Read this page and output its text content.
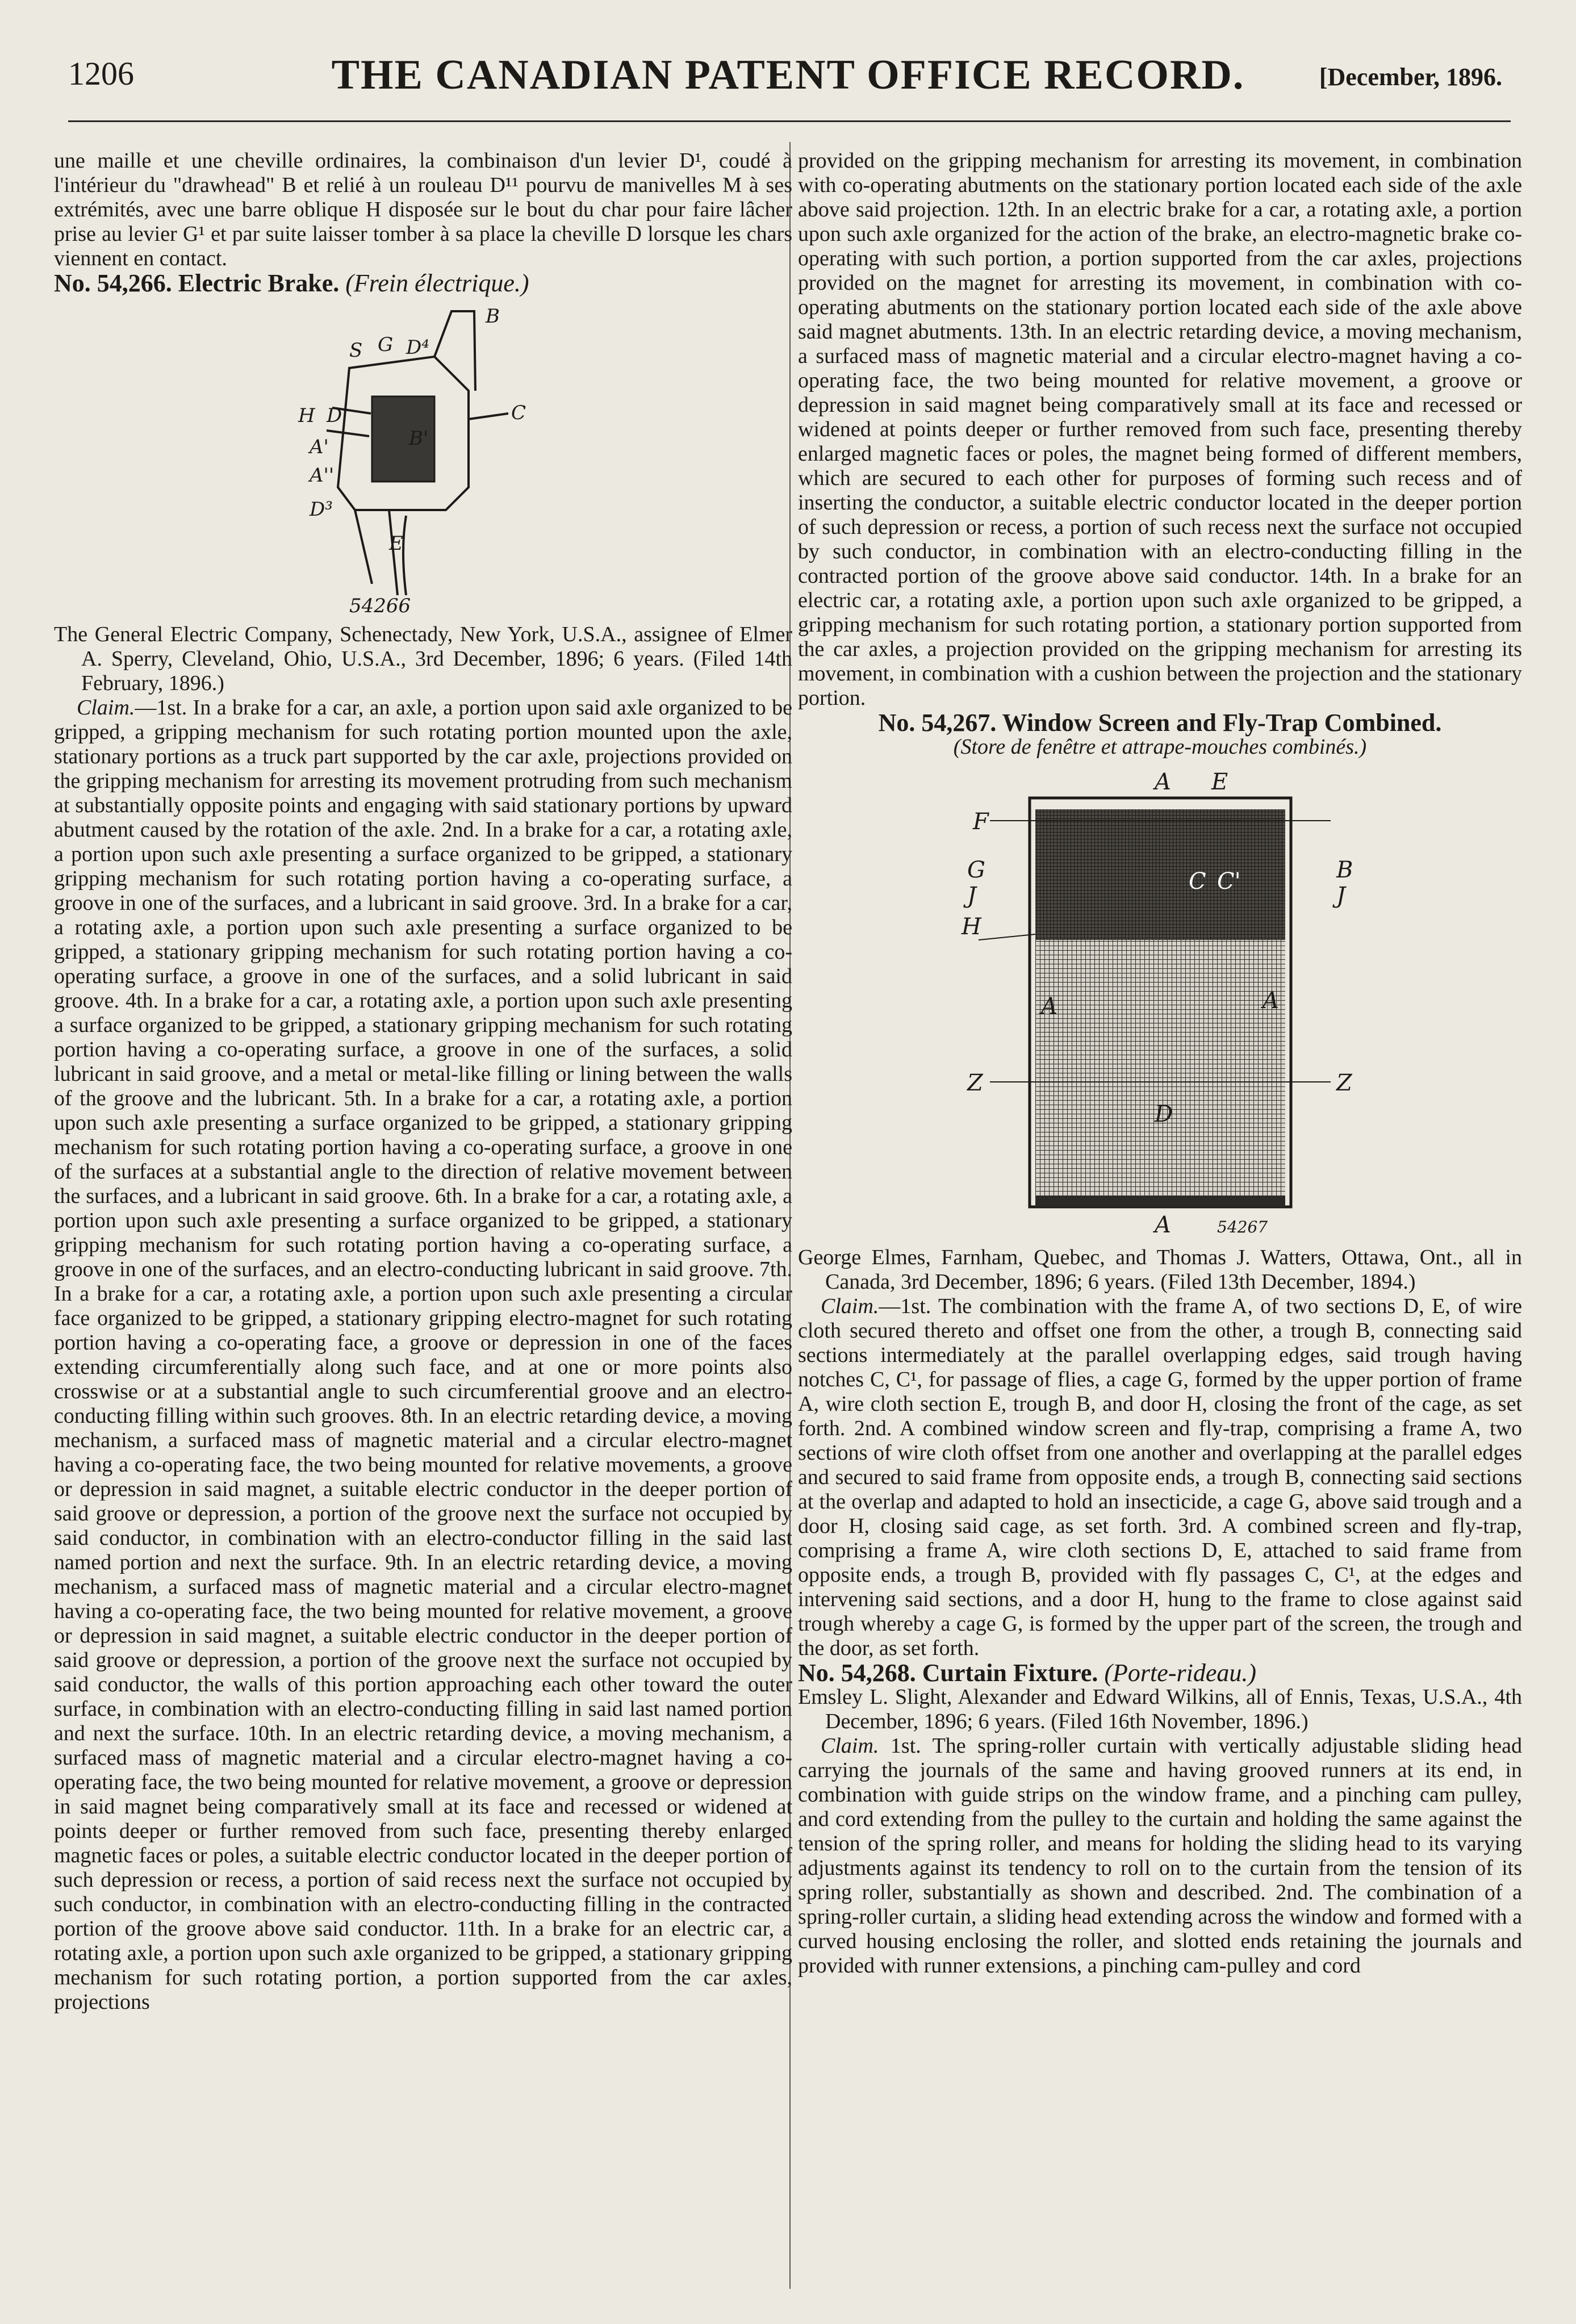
1206	THE CANADIAN PATENT OFFICE RECORD.	[December, 1896.

une maille et une cheville ordinaires, la combinaison d'un levier D¹, coudé à l'intérieur du "drawhead" B et relié à un rouleau D¹¹ pourvu de manivelles M à ses extrémités, avec une barre oblique H disposée sur le bout du char pour faire lâcher prise au levier G¹ et par suite laisser tomber à sa place la cheville D lorsque les chars viennent en contact.

No. 54,266. Electric Brake. (Frein électrique.)

B
S G D⁴
C
H D
A'	B'
A''
D³
E
54266

The General Electric Company, Schenectady, New York, U.S.A., assignee of Elmer A. Sperry, Cleveland, Ohio, U.S.A., 3rd December, 1896; 6 years. (Filed 14th February, 1896.)

Claim.—1st. In a brake for a car, an axle, a portion upon said axle organized to be gripped, a gripping mechanism for such rotating portion mounted upon the axle, stationary portions as a truck part supported by the car axle, projections provided on the gripping mechanism for arresting its movement protruding from such mechanism at substantially opposite points and engaging with said stationary portions by upward abutment caused by the rotation of the axle. 2nd. In a brake for a car, a rotating axle, a portion upon such axle presenting a surface organized to be gripped, a stationary gripping mechanism for such rotating portion having a co-operating surface, a groove in one of the surfaces, and a lubricant in said groove. 3rd. In a brake for a car, a rotating axle, a portion upon such axle presenting a surface organized to be gripped, a stationary gripping mechanism for such rotating portion having a co-operating surface, a groove in one of the surfaces, and a solid lubricant in said groove. 4th. In a brake for a car, a rotating axle, a portion upon such axle presenting a surface organized to be gripped, a stationary gripping mechanism for such rotating portion having a co-operating surface, a groove in one of the surfaces, a solid lubricant in said groove, and a metal or metal-like filling or lining between the walls of the groove and the lubricant. 5th. In a brake for a car, a rotating axle, a portion upon such axle presenting a surface organized to be gripped, a stationary gripping mechanism for such rotating portion having a co-operating surface, a groove in one of the surfaces at a substantial angle to the direction of relative movement between the surfaces, and a lubricant in said groove. 6th. In a brake for a car, a rotating axle, a portion upon such axle presenting a surface organized to be gripped, a stationary gripping mechanism for such rotating portion having a co-operating surface, a groove in one of the surfaces, and an electro-conducting lubricant in said groove. 7th. In a brake for a car, a rotating axle, a portion upon such axle presenting a circular face organized to be gripped, a stationary gripping electro-magnet for such rotating portion having a co-operating face, a groove or depression in one of the faces extending circumferentially along such face, and at one or more points also crosswise or at a substantial angle to such circumferential groove and an electro-conducting filling within such grooves. 8th. In an electric retarding device, a moving mechanism, a surfaced mass of magnetic material and a circular electro-magnet having a co-operating face, the two being mounted for relative movements, a groove or depression in said magnet, a suitable electric conductor in the deeper portion of said groove or depression, a portion of the groove next the surface not occupied by said conductor, in combination with an electro-conductor filling in the said last named portion and next the surface. 9th. In an electric retarding device, a moving mechanism, a surfaced mass of magnetic material and a circular electro-magnet having a co-operating face, the two being mounted for relative movement, a groove or depression in said magnet, a suitable electric conductor in the deeper portion of said groove or depression, a portion of the groove next the surface not occupied by said conductor, the walls of this portion approaching each other toward the outer surface, in combination with an electro-conducting filling in said last named portion and next the surface. 10th. In an electric retarding device, a moving mechanism, a surfaced mass of magnetic material and a circular electro-magnet having a co-operating face, the two being mounted for relative movement, a groove or depression in said magnet being comparatively small at its face and recessed or widened at points deeper or further removed from such face, presenting thereby enlarged magnetic faces or poles, a suitable electric conductor located in the deeper portion of such depression or recess, a portion of said recess next the surface not occupied by such conductor, in combination with an electro-conducting filling in the contracted portion of the groove above said conductor. 11th. In a brake for an electric car, a rotating axle, a portion upon such axle organized to be gripped, a stationary gripping mechanism for such rotating portion, a portion supported from the car axles, projections

provided on the gripping mechanism for arresting its movement, in combination with co-operating abutments on the stationary portion located each side of the axle above said projection. 12th. In an electric brake for a car, a rotating axle, a portion upon such axle organized for the action of the brake, an electro-magnetic brake co-operating with such portion, a portion supported from the car axles, projections provided on the magnet for arresting its movement, in combination with co-operating abutments on the stationary portion located each side of the axle above said magnet abutments. 13th. In an electric retarding device, a moving mechanism, a surfaced mass of magnetic material and a circular electro-magnet having a co-operating face, the two being mounted for relative movement, a groove or depression in said magnet being comparatively small at its face and recessed or widened at points deeper or further removed from such face, presenting thereby enlarged magnetic faces or poles, the magnet being formed of different members, which are secured to each other for purposes of forming such recess and of inserting the conductor, a suitable electric conductor located in the deeper portion of such depression or recess, a portion of such recess next the surface not occupied by such conductor, in combination with an electro-conducting filling in the contracted portion of the groove above said conductor. 14th. In a brake for an electric car, a rotating axle, a portion upon such axle organized to be gripped, a gripping mechanism for such rotating portion, a stationary portion supported from the car axles, a projection provided on the gripping mechanism for arresting its movement, in combination with a cushion between the projection and the stationary portion.

No. 54,267. Window Screen and Fly-Trap Combined.

(Store de fenêtre et attrape-mouches combinés.)

A E
F
G
J
H
C C'	B
J
A	A
Z	Z
D
A	54267

George Elmes, Farnham, Quebec, and Thomas J. Watters, Ottawa, Ont., all in Canada, 3rd December, 1896; 6 years. (Filed 13th December, 1894.)

Claim.—1st. The combination with the frame A, of two sections D, E, of wire cloth secured thereto and offset one from the other, a trough B, connecting said sections intermediately at the parallel overlapping edges, said trough having notches C, C¹, for passage of flies, a cage G, formed by the upper portion of frame A, wire cloth section E, trough B, and door H, closing the front of the cage, as set forth. 2nd. A combined window screen and fly-trap, comprising a frame A, two sections of wire cloth offset from one another and overlapping at the parallel edges and secured to said frame from opposite ends, a trough B, connecting said sections at the overlap and adapted to hold an insecticide, a cage G, above said trough and a door H, closing said cage, as set forth. 3rd. A combined screen and fly-trap, comprising a frame A, wire cloth sections D, E, attached to said frame from opposite ends, a trough B, provided with fly passages C, C¹, at the edges and intervening said sections, and a door H, hung to the frame to close against said trough whereby a cage G, is formed by the upper part of the screen, the trough and the door, as set forth.

No. 54,268. Curtain Fixture. (Porte-rideau.)

Emsley L. Slight, Alexander and Edward Wilkins, all of Ennis, Texas, U.S.A., 4th December, 1896; 6 years. (Filed 16th November, 1896.)

Claim. 1st. The spring-roller curtain with vertically adjustable sliding head carrying the journals of the same and having grooved runners at its end, in combination with guide strips on the window frame, and a pinching cam pulley, and cord extending from the pulley to the curtain and holding the same against the tension of the spring roller, and means for holding the sliding head to its varying adjustments against its tendency to roll on to the curtain from the tension of its spring roller, substantially as shown and described. 2nd. The combination of a spring-roller curtain, a sliding head extending across the window and formed with a curved housing enclosing the roller, and slotted ends retaining the journals and provided with runner extensions, a pinching cam-pulley and cord
